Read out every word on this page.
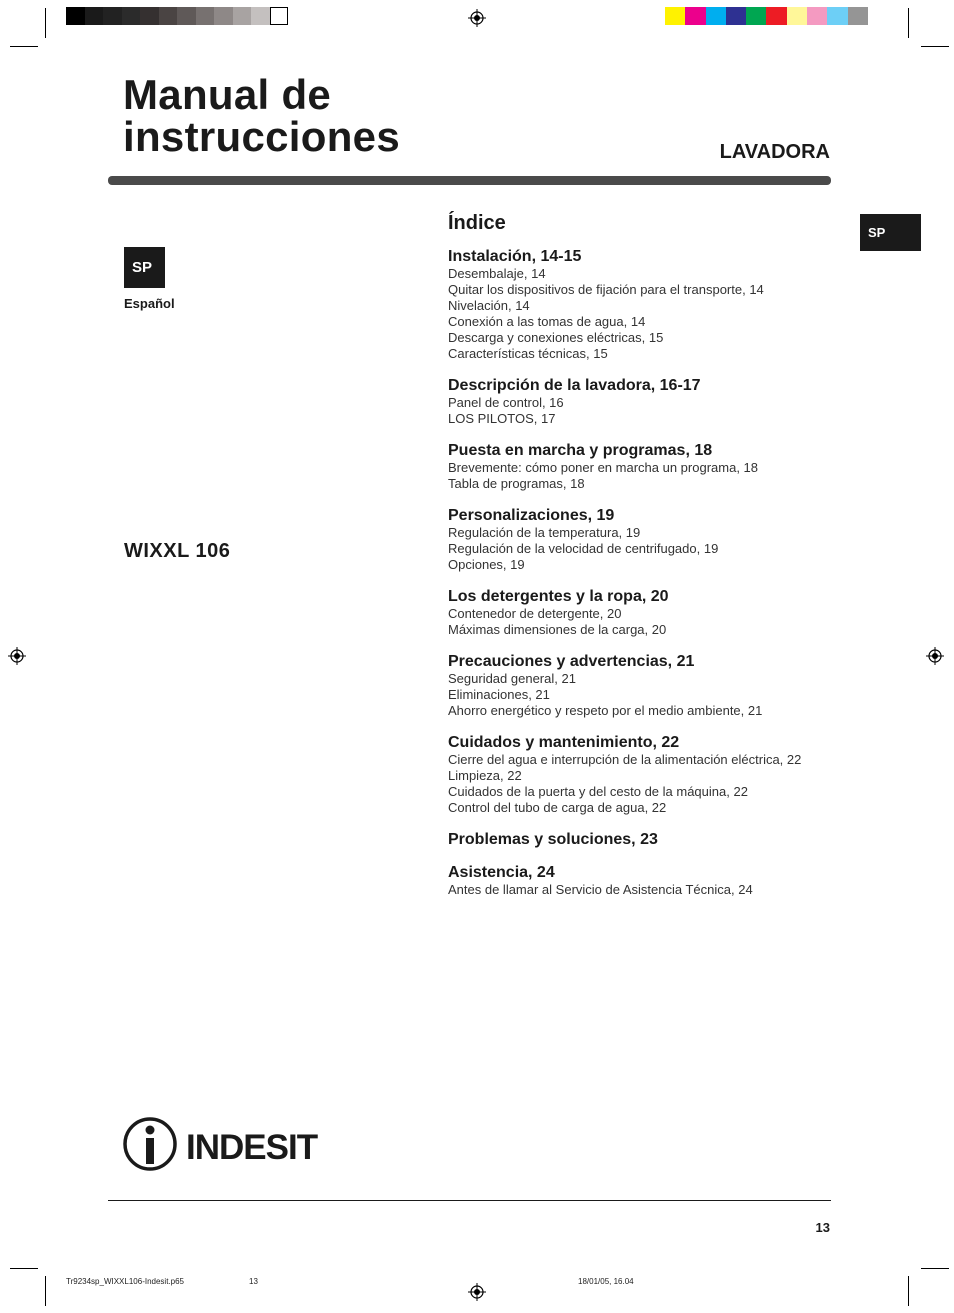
Manual de
instrucciones	LAVADORA
SP
SP
Español
WIXXL 106
Índice
Instalación, 14-15
Desembalaje, 14
Quitar los dispositivos de fijación para el transporte, 14
Nivelación, 14
Conexión a las tomas de agua, 14
Descarga y conexiones eléctricas, 15
Características técnicas, 15
Descripción de la lavadora, 16-17
Panel de control, 16
LOS PILOTOS, 17
Puesta en marcha y programas, 18
Brevemente: cómo poner en marcha un programa, 18
Tabla de programas, 18
Personalizaciones, 19
Regulación de la temperatura, 19
Regulación de la velocidad de centrifugado, 19
Opciones, 19
Los detergentes y la ropa, 20
Contenedor de detergente, 20
Máximas dimensiones de la carga, 20
Precauciones y advertencias, 21
Seguridad general, 21
Eliminaciones, 21
Ahorro energético y respeto por el medio ambiente, 21
Cuidados y mantenimiento, 22
Cierre del agua e interrupción de la alimentación eléctrica, 22
Limpieza, 22
Cuidados de la puerta y del cesto de la máquina, 22
Control del tubo de carga de agua, 22
Problemas y soluciones, 23
Asistencia, 24
Antes de llamar al Servicio de Asistencia Técnica, 24
INDESIT
13
Tr9234sp_WIXXL106-Indesit.p65	13	18/01/05, 16.04
